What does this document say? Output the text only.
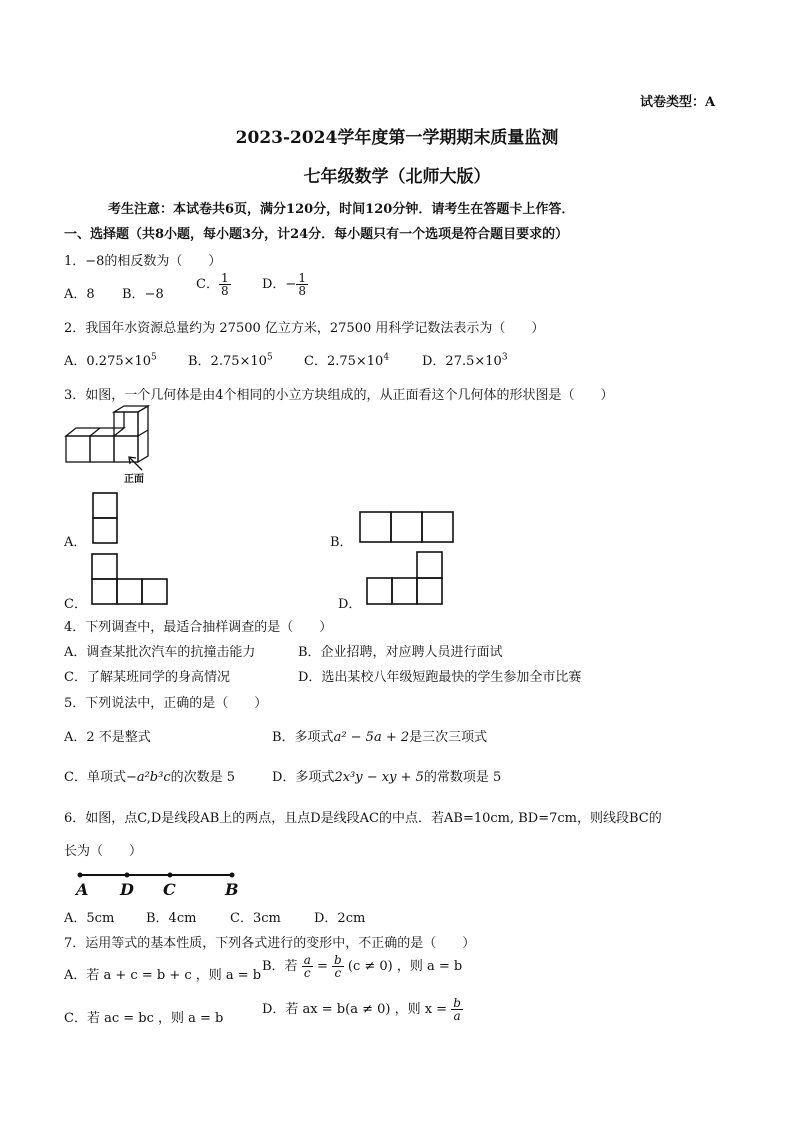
试卷类型：A
2023-2024学年度第一学期期末质量监测
七年级数学（北师大版）
考生注意：本试卷共6页，满分120分，时间120分钟．请考生在答题卡上作答．
一、选择题（共8小题，每小题3分，计24分．每小题只有一个选项是符合题目要求的）
1．−8的相反数为（　　）
A．8 B．−8
C． $\frac{1}{8}$ D．− $\frac{1}{8}$
2．我国年水资源总量约为 27500 亿立方米，27500 用科学记数法表示为（　　）
A．$0.275\times 10^5$ B．$2.75\times 10^5$ C．$2.75\times 10^4$	D．$27.5\times 10^3$
3．如图，一个几何体是由4个相同的小立方块组成的，从正面看这个几何体的形状图是（　　）
正面
A．	B．
C．	D．
4．下列调查中，最适合抽样调查的是（　　）
A．调查某批次汽车的抗撞击能力	B．企业招聘，对应聘人员进行面试
C．了解某班同学的身高情况	D．选出某校八年级短跑最快的学生参加全市比赛
5．下列说法中，正确的是（　　）
A．2 不是整式	B．多项式a² − 5a + 2是三次三项式
C．单项式−a²b³c的次数是 5	D．多项式2x³y − xy + 5的常数项是 5
6．如图，点C,D是线段AB上的两点，且点D是线段AC的中点．若AB=10cm, BD=7cm，则线段BC的
长为（　　）
A D C	B
A．5cm B．4cm	C．3cm	D．2cm
7．运用等式的基本性质，下列各式进行的变形中，不正确的是（　　）
A．若 a + c = b + c ，则 a = b
B．若 $\frac{a}{c} = \frac{b}{c} (c \ne 0)$ ，则 a = b
C．若 ac = bc ，则 a = b
D．若 ax = b(a ≠ 0) ，则 $x = \frac{b}{a}$
